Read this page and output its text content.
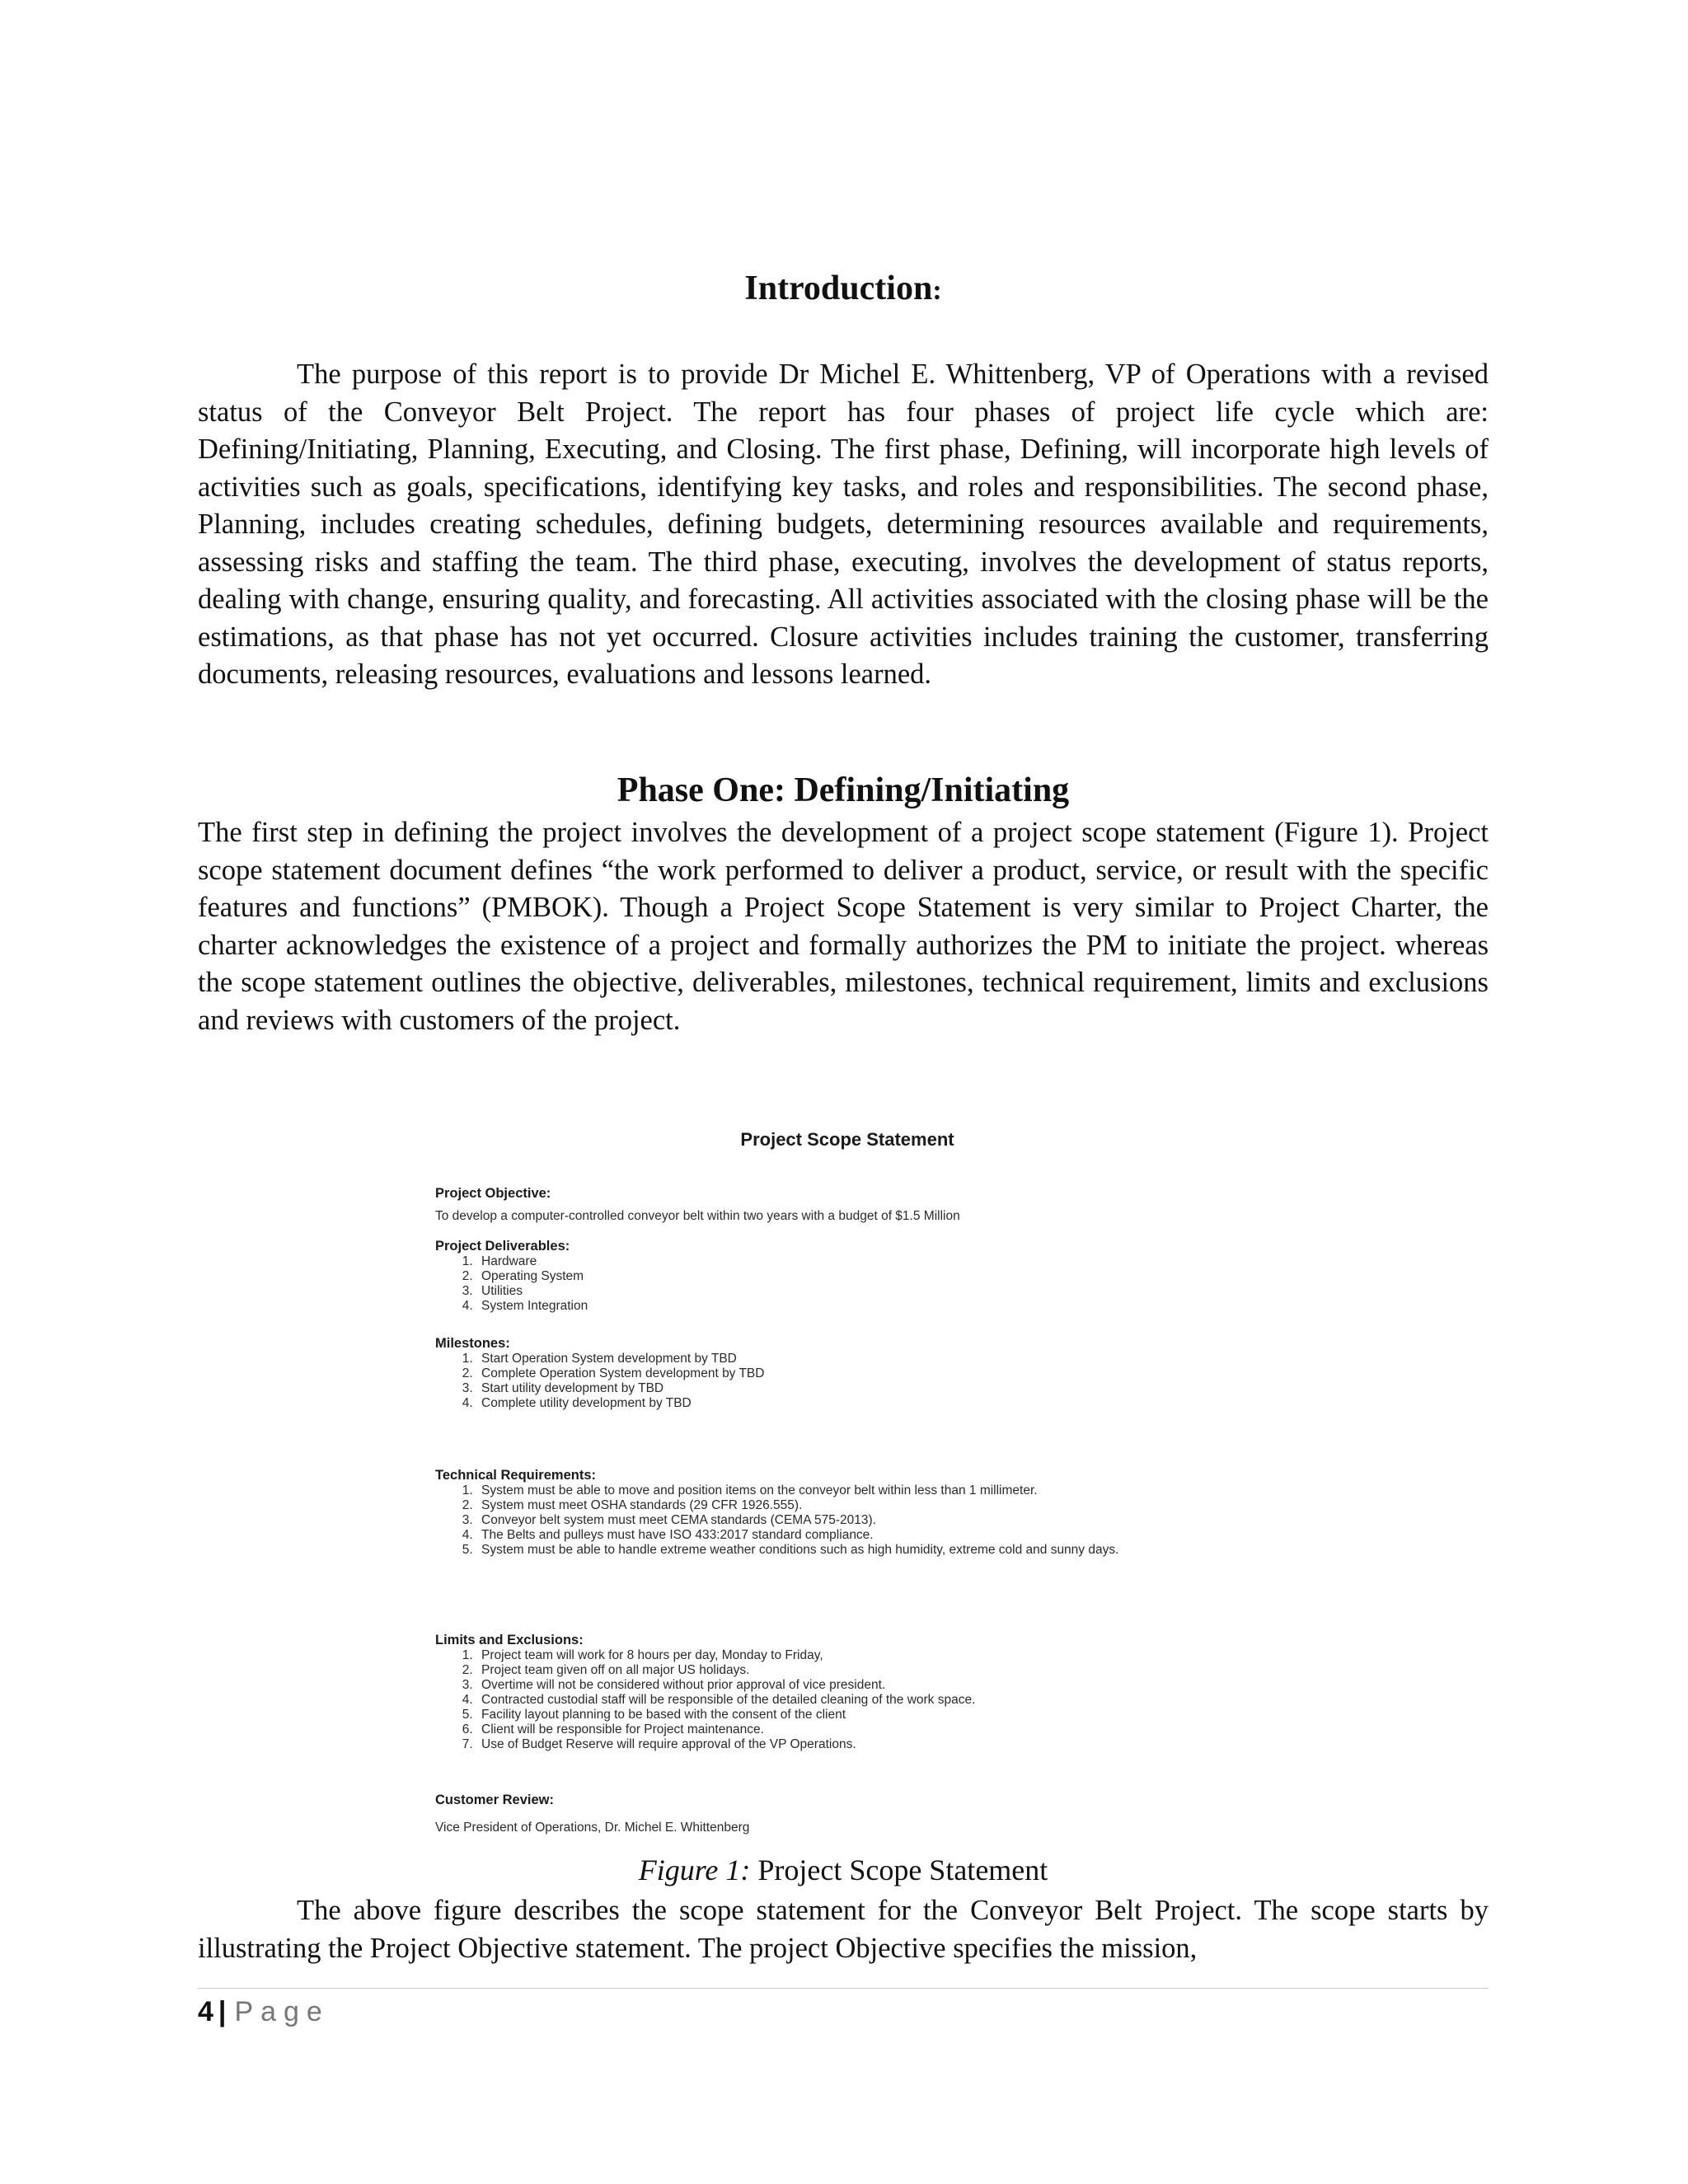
Introduction:

The purpose of this report is to provide Dr Michel E. Whittenberg, VP of Operations with a revised status of the Conveyor Belt Project. The report has four phases of project life cycle which are: Defining/Initiating, Planning, Executing, and Closing. The first phase, Defining, will incorporate high levels of activities such as goals, specifications, identifying key tasks, and roles and responsibilities. The second phase, Planning, includes creating schedules, defining budgets, determining resources available and requirements, assessing risks and staffing the team. The third phase, executing, involves the development of status reports, dealing with change, ensuring quality, and forecasting. All activities associated with the closing phase will be the estimations, as that phase has not yet occurred. Closure activities includes training the customer, transferring documents, releasing resources, evaluations and lessons learned.

Phase One: Defining/Initiating

The first step in defining the project involves the development of a project scope statement (Figure 1). Project scope statement document defines “the work performed to deliver a product, service, or result with the specific features and functions” (PMBOK). Though a Project Scope Statement is very similar to Project Charter, the charter acknowledges the existence of a project and formally authorizes the PM to initiate the project. whereas the scope statement outlines the objective, deliverables, milestones, technical requirement, limits and exclusions and reviews with customers of the project.

Project Scope Statement
Project Objective:
To develop a computer-controlled conveyor belt within two years with a budget of $1.5 Million
Project Deliverables:
1. Hardware
2. Operating System
3. Utilities
4. System Integration
Milestones:
1. Start Operation System development by TBD
2. Complete Operation System development by TBD
3. Start utility development by TBD
4. Complete utility development by TBD
Technical Requirements:
1. System must be able to move and position items on the conveyor belt within less than 1 millimeter.
2. System must meet OSHA standards (29 CFR 1926.555).
3. Conveyor belt system must meet CEMA standards (CEMA 575-2013).
4. The Belts and pulleys must have ISO 433:2017 standard compliance.
5. System must be able to handle extreme weather conditions such as high humidity, extreme cold and sunny days.
Limits and Exclusions:
1. Project team will work for 8 hours per day, Monday to Friday,
2. Project team given off on all major US holidays.
3. Overtime will not be considered without prior approval of vice president.
4. Contracted custodial staff will be responsible of the detailed cleaning of the work space.
5. Facility layout planning to be based with the consent of the client
6. Client will be responsible for Project maintenance.
7. Use of Budget Reserve will require approval of the VP Operations.
Customer Review:
Vice President of Operations, Dr. Michel E. Whittenberg

Figure 1: Project Scope Statement

The above figure describes the scope statement for the Conveyor Belt Project. The scope starts by illustrating the Project Objective statement. The project Objective specifies the mission,

4 | Page
